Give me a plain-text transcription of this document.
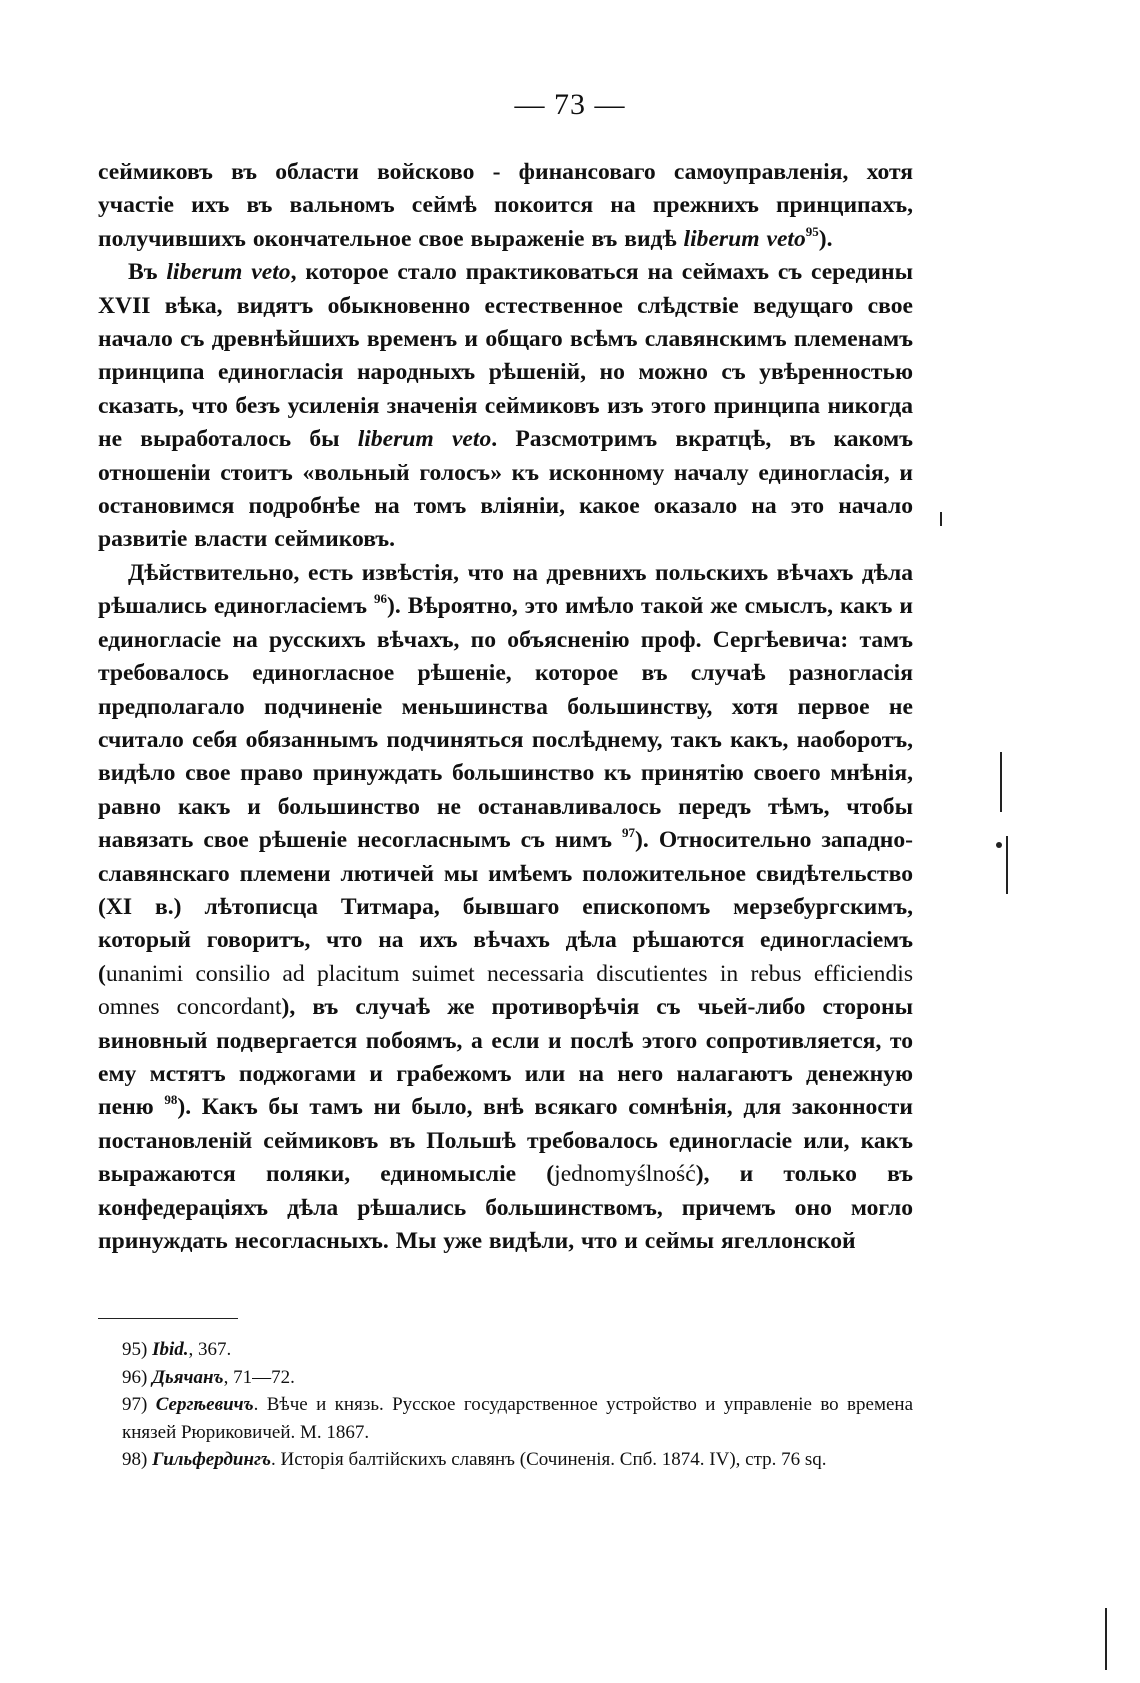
— 73 —

сеймиковъ въ области войсково - финансоваго самоуправленія, хотя участіе ихъ въ вальномъ сеймѣ покоится на прежнихъ принципахъ, получившихъ окончательное свое выраженіе въ видѣ liberum veto$^{95}$).

Въ liberum veto, которое стало практиковаться на сеймахъ съ середины XVII вѣка, видятъ обыкновенно естественное слѣдствіе ведущаго свое начало съ древнѣйшихъ временъ и общаго всѣмъ славянскимъ племенамъ принципа единогласія народныхъ рѣшеній, но можно съ увѣренностью сказать, что безъ усиленія значенія сеймиковъ изъ этого принципа никогда не выработалось бы liberum veto. Разсмотримъ вкратцѣ, въ какомъ отношеніи стоитъ «вольный голосъ» къ исконному началу единогласія, и остановимся подробнѣе на томъ вліяніи, какое оказало на это начало развитіе власти сеймиковъ.

Дѣйствительно, есть извѣстія, что на древнихъ польскихъ вѣчахъ дѣла рѣшались единогласіемъ $^{96}$). Вѣроятно, это имѣло такой же смыслъ, какъ и единогласіе на русскихъ вѣчахъ, по объясненію проф. Сергѣевича: тамъ требовалось единогласное рѣшеніе, которое въ случаѣ разногласія предполагало подчиненіе меньшинства большинству, хотя первое не считало себя обязаннымъ подчиняться послѣднему, такъ какъ, наоборотъ, видѣло свое право принуждать большинство къ принятію своего мнѣнія, равно какъ и большинство не останавливалось передъ тѣмъ, чтобы навязать свое рѣшеніе несогласнымъ съ нимъ $^{97}$). Относительно западно-славянскаго племени лютичей мы имѣемъ положительное свидѣтельство (XI в.) лѣтописца Титмара, бывшаго епископомъ мерзебургскимъ, который говоритъ, что на ихъ вѣчахъ дѣла рѣшаются единогласіемъ (unanimi consilio ad placitum suimet necessaria discutientes in rebus efficiendis omnes concordant), въ случаѣ же противорѣчія съ чьей-либо стороны виновный подвергается побоямъ, а если и послѣ этого сопротивляется, то ему мстятъ поджогами и грабежомъ или на него налагаютъ денежную пеню $^{98}$). Какъ бы тамъ ни было, внѣ всякаго сомнѣнія, для законности постановленій сеймиковъ въ Польшѣ требовалось единогласіе или, какъ выражаются поляки, единомысліе (jednomyślność), и только въ конфедераціяхъ дѣла рѣшались большинствомъ, причемъ оно могло принуждать несогласныхъ. Мы уже видѣли, что и сеймы ягеллонской

95) Ibid., 367.

96) Дьячанъ, 71—72.

97) Сергѣевичъ. Вѣче и князь. Русское государственное устройство и управленіе во времена князей Рюриковичей. М. 1867.

98) Гильфердингъ. Исторія балтійскихъ славянъ (Сочиненія. Спб. 1874. IV), стр. 76 sq.
